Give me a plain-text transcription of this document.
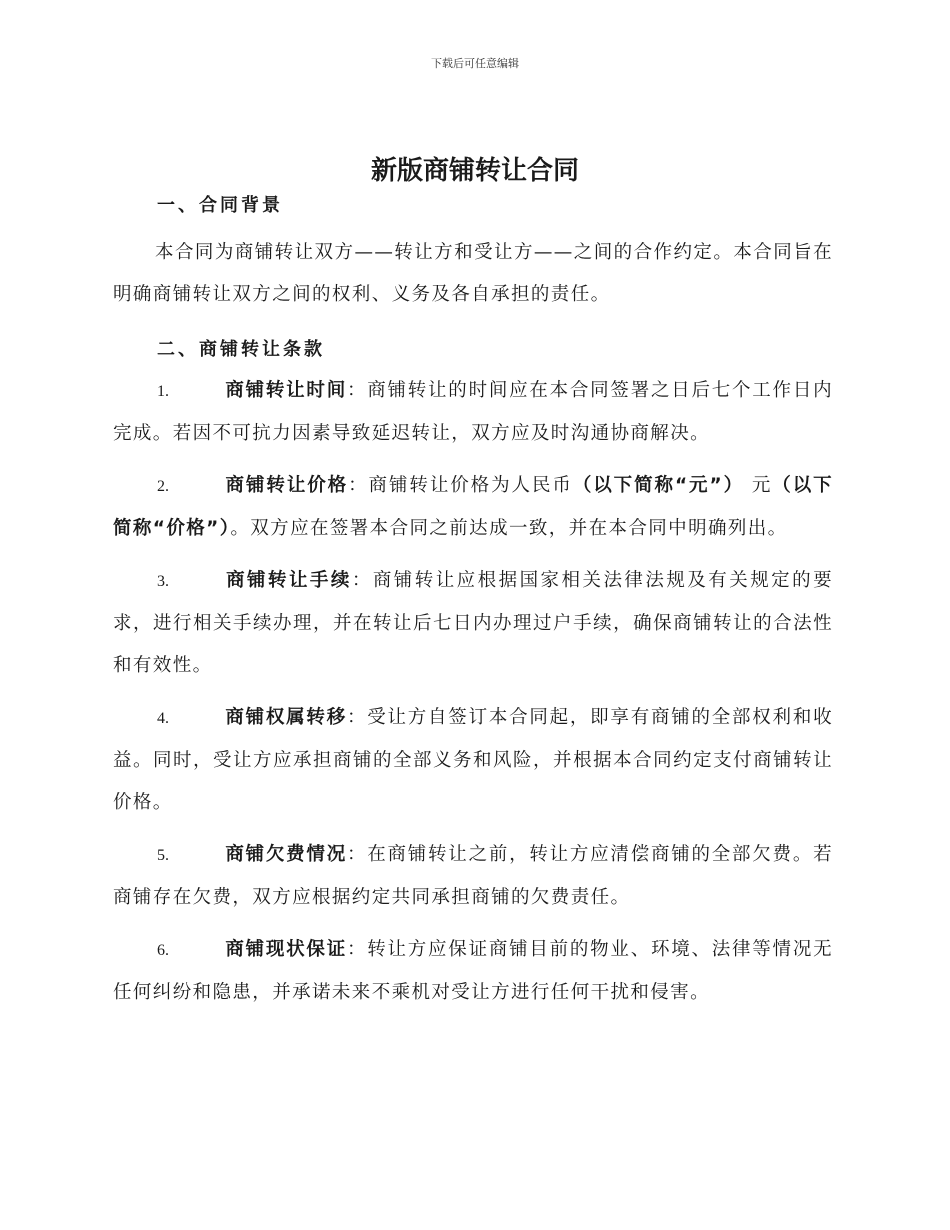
下载后可任意编辑
新版商铺转让合同
一、合同背景

本合同为商铺转让双方——转让方和受让方——之间的合作约定。本合同旨在明确商铺转让双方之间的权利、义务及各自承担的责任。

二、商铺转让条款

1.	商铺转让时间：商铺转让的时间应在本合同签署之日后七个工作日内完成。若因不可抗力因素导致延迟转让，双方应及时沟通协商解决。

2.	商铺转让价格：商铺转让价格为人民币（以下简称“元”） 元（以下简称“价格”）。双方应在签署本合同之前达成一致，并在本合同中明确列出。

3.	商铺转让手续：商铺转让应根据国家相关法律法规及有关规定的要求，进行相关手续办理，并在转让后七日内办理过户手续，确保商铺转让的合法性和有效性。

4.	商铺权属转移：受让方自签订本合同起，即享有商铺的全部权利和收益。同时，受让方应承担商铺的全部义务和风险，并根据本合同约定支付商铺转让价格。

5.	商铺欠费情况：在商铺转让之前，转让方应清偿商铺的全部欠费。若商铺存在欠费，双方应根据约定共同承担商铺的欠费责任。

6.	商铺现状保证：转让方应保证商铺目前的物业、环境、法律等情况无任何纠纷和隐患，并承诺未来不乘机对受让方进行任何干扰和侵害。
